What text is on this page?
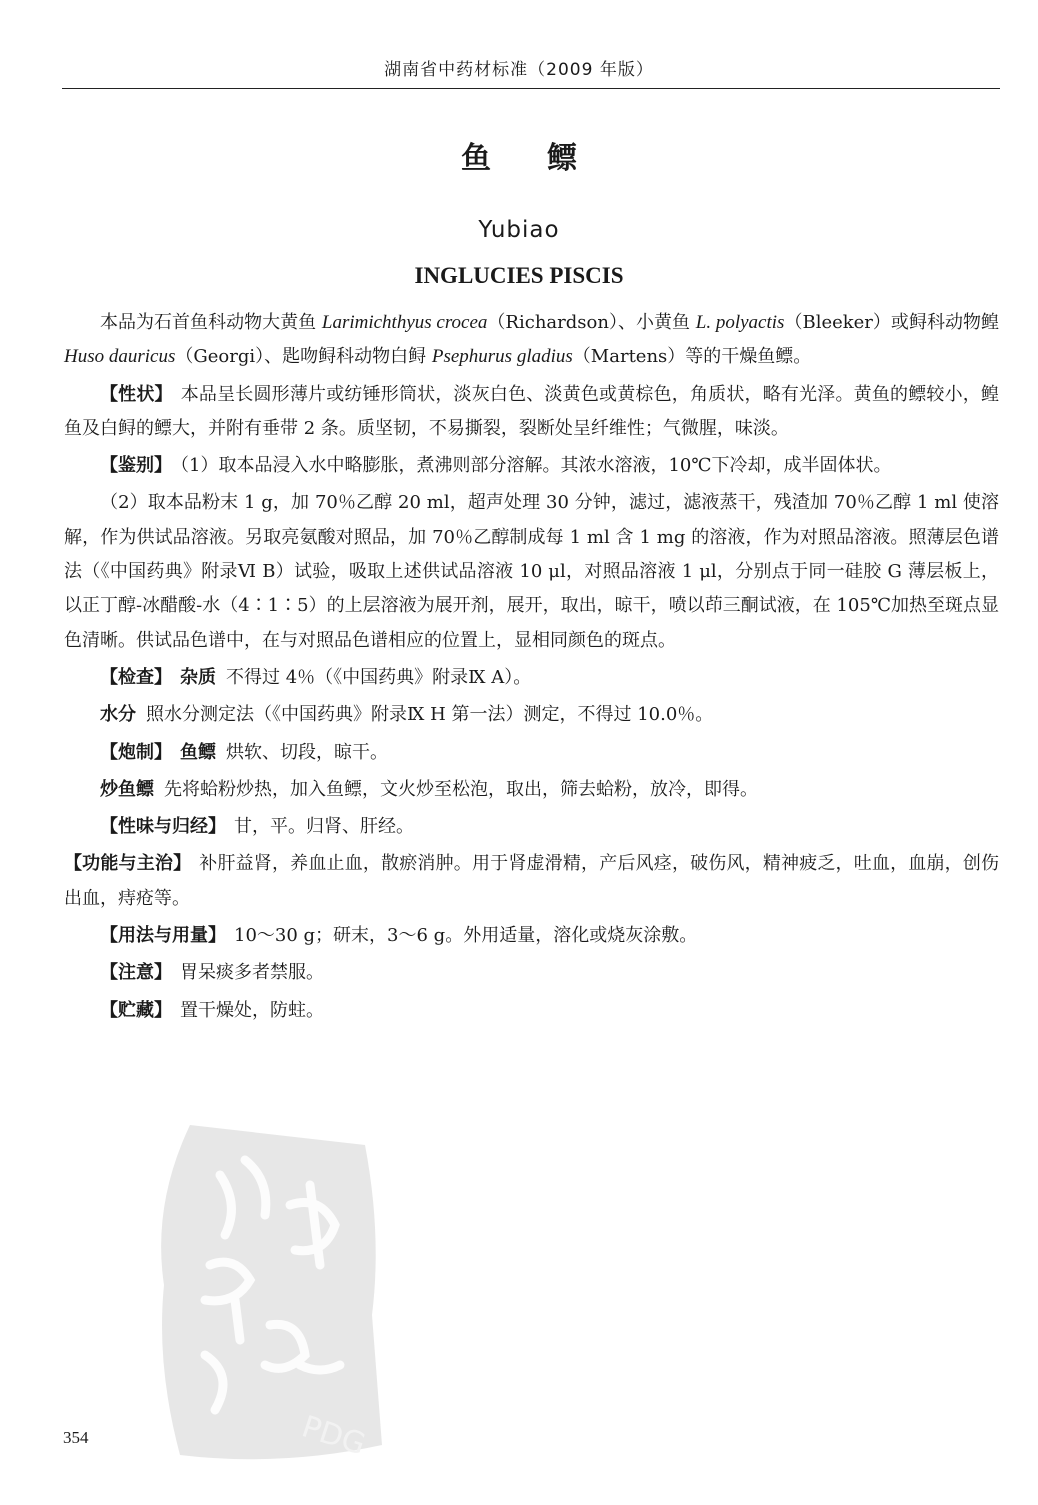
湖南省中药材标准（2009 年版）
鱼鳔
Yubiao
INGLUCIES PISCIS

本品为石首鱼科动物大黄鱼 Larimichthyus crocea（Richardson）、小黄鱼 L. polyactis（Bleeker）或鲟科动物鳇 Huso dauricus（Georgi）、匙吻鲟科动物白鲟 Psephurus gladius（Martens）等的干燥鱼鳔。

【性状】 本品呈长圆形薄片或纺锤形筒状，淡灰白色、淡黄色或黄棕色，角质状，略有光泽。黄鱼的鳔较小，鳇鱼及白鲟的鳔大，并附有垂带 2 条。质坚韧，不易撕裂，裂断处呈纤维性；气微腥，味淡。

【鉴别】 （1）取本品浸入水中略膨胀，煮沸则部分溶解。其浓水溶液，10℃下冷却，成半固体状。

（2）取本品粉末 1 g，加 70％乙醇 20 ml，超声处理 30 分钟，滤过，滤液蒸干，残渣加 70％乙醇 1 ml 使溶解，作为供试品溶液。另取亮氨酸对照品，加 70％乙醇制成每 1 ml 含 1 mg 的溶液，作为对照品溶液。照薄层色谱法（《中国药典》附录Ⅵ B）试验，吸取上述供试品溶液 10 μl，对照品溶液 1 μl，分别点于同一硅胶 G 薄层板上，以正丁醇-冰醋酸-水（4∶1∶5）的上层溶液为展开剂，展开，取出，晾干，喷以茚三酮试液，在 105℃加热至斑点显色清晰。供试品色谱中，在与对照品色谱相应的位置上，显相同颜色的斑点。

【检查】 杂质 不得过 4％（《中国药典》附录Ⅸ A）。

水分 照水分测定法（《中国药典》附录Ⅸ H 第一法）测定，不得过 10.0％。

【炮制】 鱼鳔 烘软、切段，晾干。

炒鱼鳔 先将蛤粉炒热，加入鱼鳔，文火炒至松泡，取出，筛去蛤粉，放冷，即得。

【性味与归经】 甘，平。归肾、肝经。

【功能与主治】 补肝益肾，养血止血，散瘀消肿。用于肾虚滑精，产后风痉，破伤风，精神疲乏，吐血，血崩，创伤出血，痔疮等。

【用法与用量】 10～30 g；研末，3～6 g。外用适量，溶化或烧灰涂敷。

【注意】 胃呆痰多者禁服。

【贮藏】 置干燥处，防蛀。

PDG
354
